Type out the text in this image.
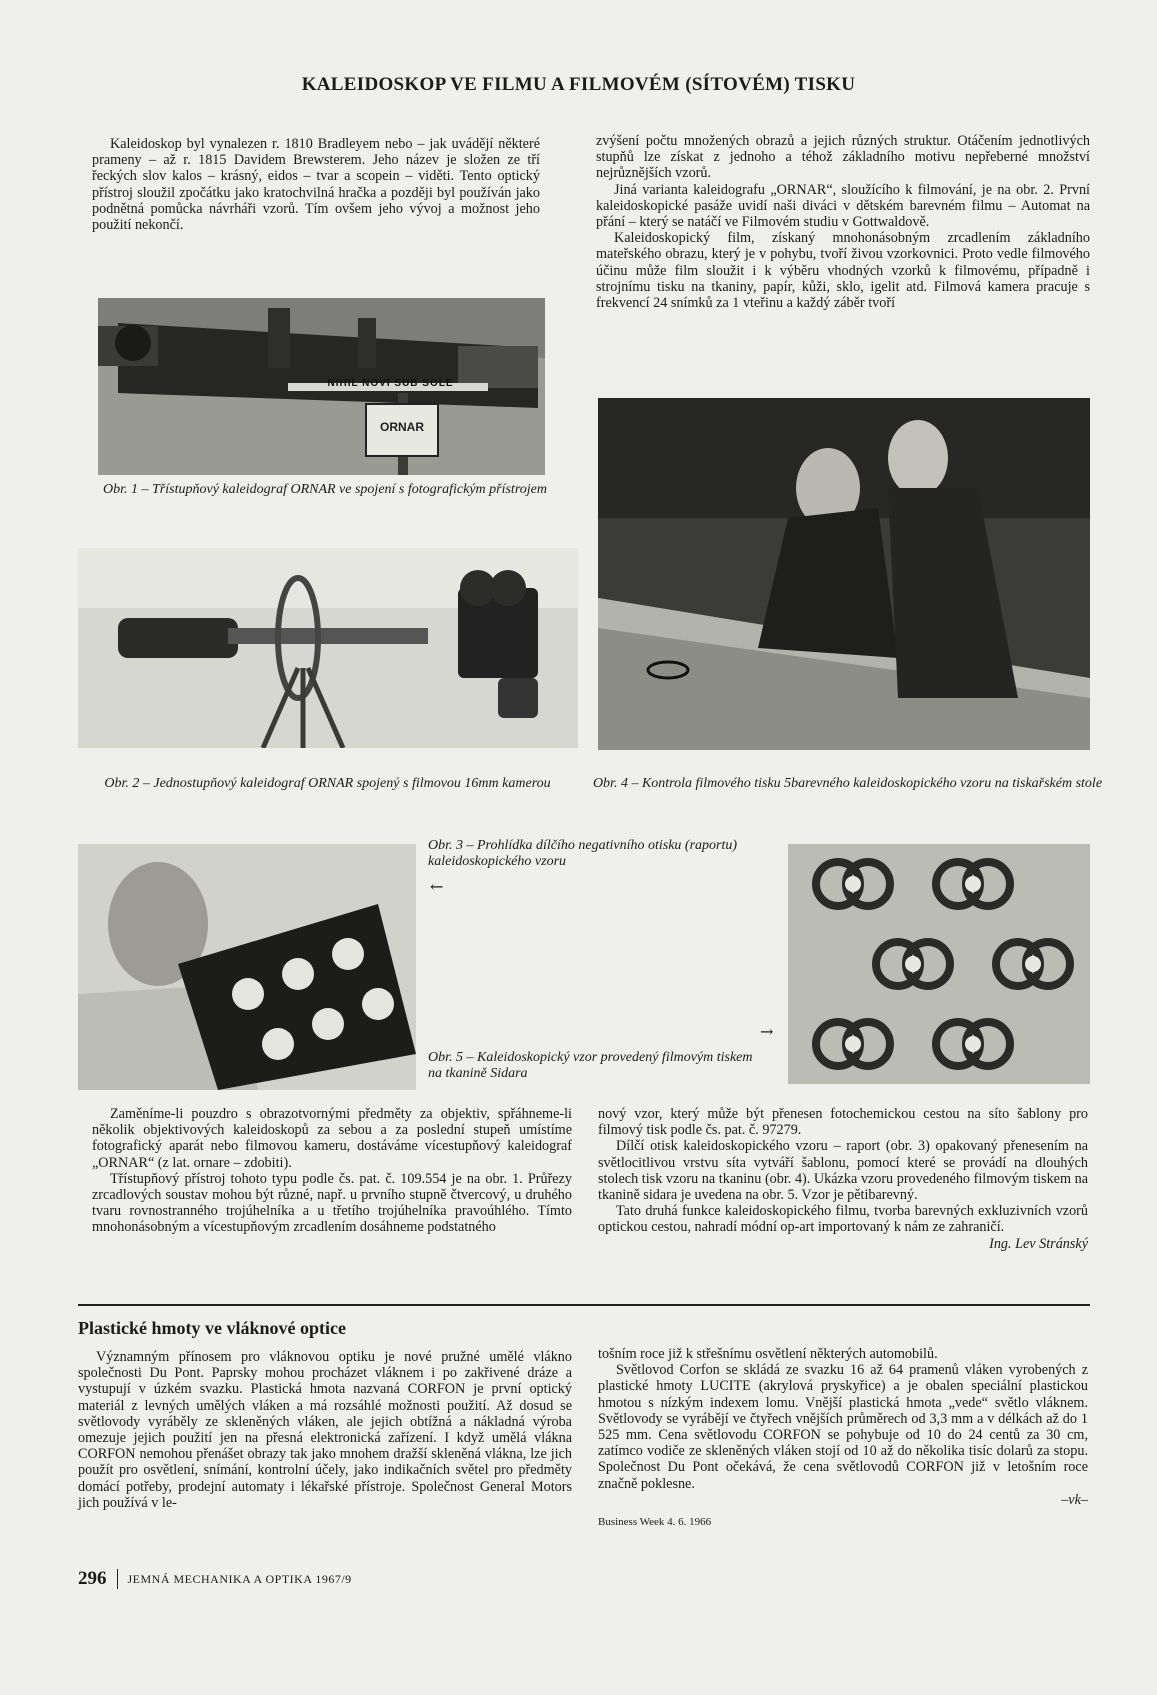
KALEIDOSKOP VE FILMU A FILMOVÉM (SÍTOVÉM) TISKU

Kaleidoskop byl vynalezen r. 1810 Bradleyem nebo – jak uvádějí některé prameny – až r. 1815 Davidem Brewsterem. Jeho název je složen ze tří řeckých slov kalos – krásný, eidos – tvar a scopein – viděti. Tento optický přístroj sloužil zpočátku jako kratochvilná hračka a později byl používán jako podnětná pomůcka návrháři vzorů. Tím ovšem jeho vývoj a možnost jeho použití nekončí.

zvýšení počtu množených obrazů a jejich různých struktur. Otáčením jednotlivých stupňů lze získat z jednoho a téhož základního motivu nepřeberné množství nejrůznějších vzorů.

Jiná varianta kaleidografu „ORNAR“, sloužícího k filmování, je na obr. 2. První kaleidoskopické pasáže uvidí naši diváci v dětském barevném filmu – Automat na přání – který se natáčí ve Filmovém studiu v Gottwaldově.

Kaleidoskopický film, získaný mnohonásobným zrcadlením základního mateřského obrazu, který je v pohybu, tvoří živou vzorkovnici. Proto vedle filmového účinu může film sloužit i k výběru vhodných vzorků k filmovému, případně i strojnímu tisku na tkaniny, papír, kůži, sklo, igelit atd. Filmová kamera pracuje s frekvencí 24 snímků za 1 vteřinu a každý záběr tvoří

ORNAR
NIHIL NOVI SUB SOLE
Obr. 1 – Třístupňový kaleidograf ORNAR ve spojení s fotografickým přístrojem
Obr. 2 – Jednostupňový kaleidograf ORNAR spojený s filmovou 16mm kamerou	Obr. 4 – Kontrola filmového tisku 5barevného kaleidoskopického vzoru na tiskařském stole
Obr. 3 – Prohlídka dílčího negativního otisku (raportu) kaleidoskopického vzoru
←
→
Obr. 5 – Kaleidoskopický vzor provedený filmovým tiskem na tkanině Sidara

Zaměníme-li pouzdro s obrazotvornými předměty za objektiv, spřáhneme-li několik objektivových kaleidoskopů za sebou a za poslední stupeň umístíme fotografický aparát nebo filmovou kameru, dostáváme vícestupňový kaleidograf „ORNAR“ (z lat. ornare – zdobiti).

Třístupňový přístroj tohoto typu podle čs. pat. č. 109.554 je na obr. 1. Průřezy zrcadlových soustav mohou být různé, např. u prvního stupně čtvercový, u druhého tvaru rovnostranného trojúhelníka a u třetího trojúhelníka pravoúhlého. Tímto mnohonásobným a vícestupňovým zrcadlením dosáhneme podstatného

nový vzor, který může být přenesen fotochemickou cestou na síto šablony pro filmový tisk podle čs. pat. č. 97279.

Dílčí otisk kaleidoskopického vzoru – raport (obr. 3) opakovaný přenesením na světlocitlivou vrstvu síta vytváří šablonu, pomocí které se provádí na dlouhých stolech tisk vzoru na tkaninu (obr. 4). Ukázka vzoru provedeného filmovým tiskem na tkanině sidara je uvedena na obr. 5. Vzor je pětibarevný.

Tato druhá funkce kaleidoskopického filmu, tvorba barevných exkluzivních vzorů optickou cestou, nahradí módní op-art importovaný k nám ze zahraničí.

Ing. Lev Stránský

Plastické hmoty ve vláknové optice

Významným přínosem pro vláknovou optiku je nové pružné umělé vlákno společnosti Du Pont. Paprsky mohou procházet vláknem i po zakřivené dráze a vystupují v úzkém svazku. Plastická hmota nazvaná CORFON je první optický materiál z levných umělých vláken a má rozsáhlé možnosti použití. Až dosud se světlovody vyráběly ze skleněných vláken, ale jejich obtížná a nákladná výroba omezuje jejich použití jen na přesná elektronická zařízení. I když umělá vlákna CORFON nemohou přenášet obrazy tak jako mnohem dražší skleněná vlákna, lze jich použít pro osvětlení, snímání, kontrolní účely, jako indikačních světel pro předměty domácí potřeby, prodejní automaty i lékařské přístroje. Společnost General Motors jich používá v le-

tošním roce již k střešnímu osvětlení některých automobilů.

Světlovod Corfon se skládá ze svazku 16 až 64 pramenů vláken vyrobených z plastické hmoty LUCITE (akrylová pryskyřice) a je obalen speciální plastickou hmotou s nízkým indexem lomu. Vnější plastická hmota „vede“ světlo vláknem. Světlovody se vyrábějí ve čtyřech vnějších průměrech od 3,3 mm a v délkách až do 1 525 mm. Cena světlovodu CORFON se pohybuje od 10 do 24 centů za 30 cm, zatímco vodiče ze skleněných vláken stojí od 10 až do několika tisíc dolarů za stopu. Společnost Du Pont očekává, že cena světlovodů CORFON již v letošním roce značně poklesne.

–vk–

Business Week 4. 6. 1966

296 JEMNÁ MECHANIKA A OPTIKA 1967/9
